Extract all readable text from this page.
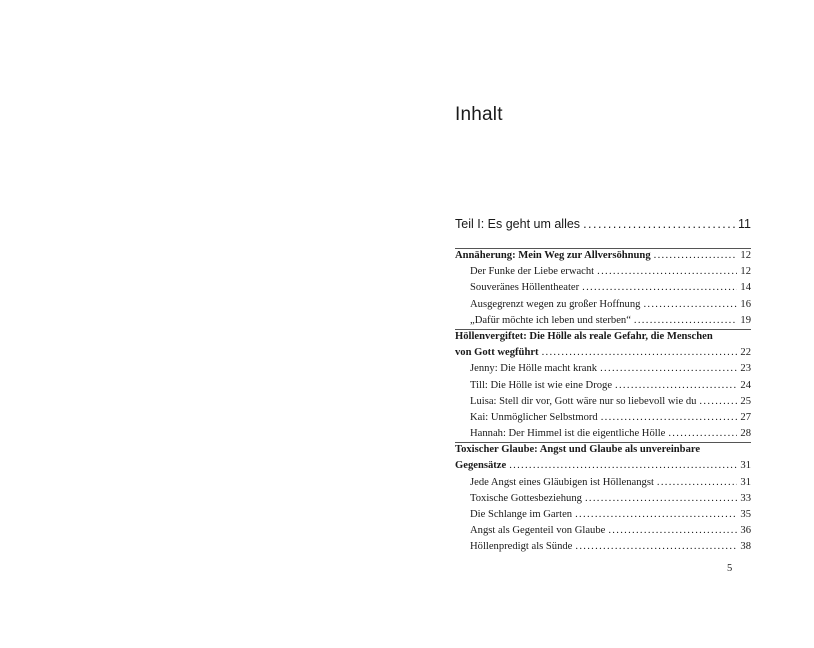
Inhalt
Teil I: Es geht um alles .....	11
Annäherung: Mein Weg zur Allversöhnung .....	12
Der Funke der Liebe erwacht .....	12
Souveränes Höllentheater .....	14
Ausgegrenzt wegen zu großer Hoffnung .....	16
„Dafür möchte ich leben und sterben“ .....	19
Höllenvergiftet: Die Hölle als reale Gefahr, die Menschen
von Gott wegführt .....	22
Jenny: Die Hölle macht krank .....	23
Till: Die Hölle ist wie eine Droge .....	24
Luisa: Stell dir vor, Gott wäre nur so liebevoll wie du .....	25
Kai: Unmöglicher Selbstmord .....	27
Hannah: Der Himmel ist die eigentliche Hölle .....	28
Toxischer Glaube: Angst und Glaube als unvereinbare
Gegensätze .....	31
Jede Angst eines Gläubigen ist Höllenangst .....	31
Toxische Gottesbeziehung .....	33
Die Schlange im Garten .....	35
Angst als Gegenteil von Glaube .....	36
Höllenpredigt als Sünde .....	38
5
